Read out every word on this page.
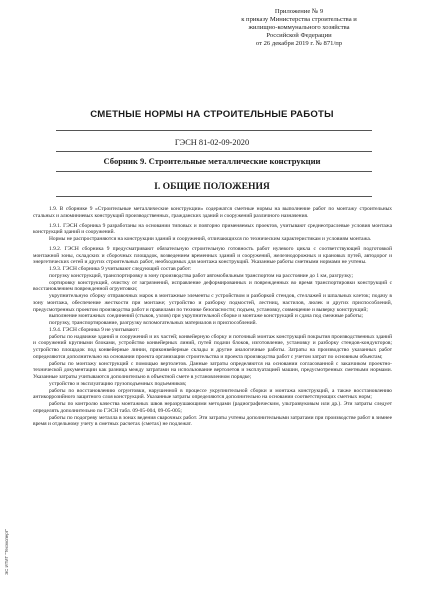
Приложение № 9
к приказу Министерства строительства и
жилищно-коммунального хозяйства
Российской Федерации
от 26 декабря 2019 г. № 871/пр
СМЕТНЫЕ НОРМЫ НА СТРОИТЕЛЬНЫЕ РАБОТЫ
ГЭСН 81-02-09-2020
Сборник 9. Строительные металлические конструкции
I. ОБЩИЕ ПОЛОЖЕНИЯ

1.9. В сборнике 9 «Строительные металлические конструкции» содержатся сметные нормы на выполнение работ по монтажу строительных стальных и алюминиевых конструкций производственных, гражданских зданий и сооружений различного назначения.

1.9.1. ГЭСН сборника 9 разработаны на основании типовых и повторно применяемых проектов, учитывают среднеотраслевые условия монтажа конструкций зданий и сооружений.

Нормы не распространяются на конструкции зданий и сооружений, отличающихся по техническим характеристикам и условиям монтажа.

1.9.2. ГЭСН сборника 9 предусматривают обязательную строительную готовность работ нулевого цикла с соответствующей подготовкой монтажной зоны, складских и сборочных площадок, возведением временных зданий и сооружений, железнодорожных и крановых путей, автодорог и энергетических сетей и других строительных работ, необходимых для монтажа конструкций. Указанные работы сметными нормами не учтены.

1.9.3. ГЭСН сборника 9 учитывают следующий состав работ:

погрузку конструкций, транспортировку в зону производства работ автомобильным транспортом на расстояние до 1 км, разгрузку;

сортировку конструкций, очистку от загрязнений, исправление деформированных и поврежденных во время транспортировки конструкций с восстановлением поврежденной огрунтовки;

укрупнительную сборку отправочных марок в монтажные элементы с устройством и разборкой стендов, стеллажей и шпальных клеток; подачу в зону монтажа, обеспечение жесткости при монтаже; устройство и разборку подмостей, лестниц, настилов, люлек и других приспособлений, предусмотренных проектом производства работ и правилами по технике безопасности; подъем, установку, совмещение и выверку конструкций;

выполнение монтажных соединений (стыков, узлов) при укрупнительной сборке и монтаже конструкций и сдача под смежные работы;

погрузку, транспортирование, разгрузку вспомогательных материалов и приспособлений.

1.9.4. ГЭСН сборника 9 не учитывают:

работы по надвижке зданий и сооружений и их частей; конвейерную сборку и поточный монтаж конструкций покрытия производственных зданий и сооружений крупными блоками, устройство конвейерных линий, путей подачи блоков, изготовление, установку и разборку стендов-кондукторов; устройство площадок под конвейерные линии, приконвейерные склады и другие аналогичные работы. Затраты на производство указанных работ определяются дополнительно на основании проекта организации строительства и проекта производства работ с учетом затрат по основным объектам;

работы по монтажу конструкций с помощью вертолетов. Данные затраты определяются на основании согласованной с заказчиком проектно-технической документации как разница между затратами на использование вертолетов и эксплуатацией машин, предусмотренных сметными нормами. Указанные затраты учитываются дополнительно в объектной смете в установленном порядке;

устройство и эксплуатацию грузоподъемных подъемников;

работы по восстановлению огрунтовки, нарушенной в процессе укрупнительной сборки и монтажа конструкций, а также восстановлению антикоррозийного защитного слоя конструкций. Указанные затраты определяются дополнительно на основании соответствующих сметных норм;

работы по контролю качества монтажных швов неразрушающими методами (радиографическим, ультразвуковым или др.). Эти затраты следует определять дополнительно по ГЭСН табл. 09-05-004, 09-05-005;

работы по подогреву металла в зонах ведения сварочных работ. Эти затраты учтены дополнительными затратами при производстве работ в зимнее время и отдельному учету в сметных расчетах (сметах) не подлежат.

ЭС ИТИТ "Техэксперт"
